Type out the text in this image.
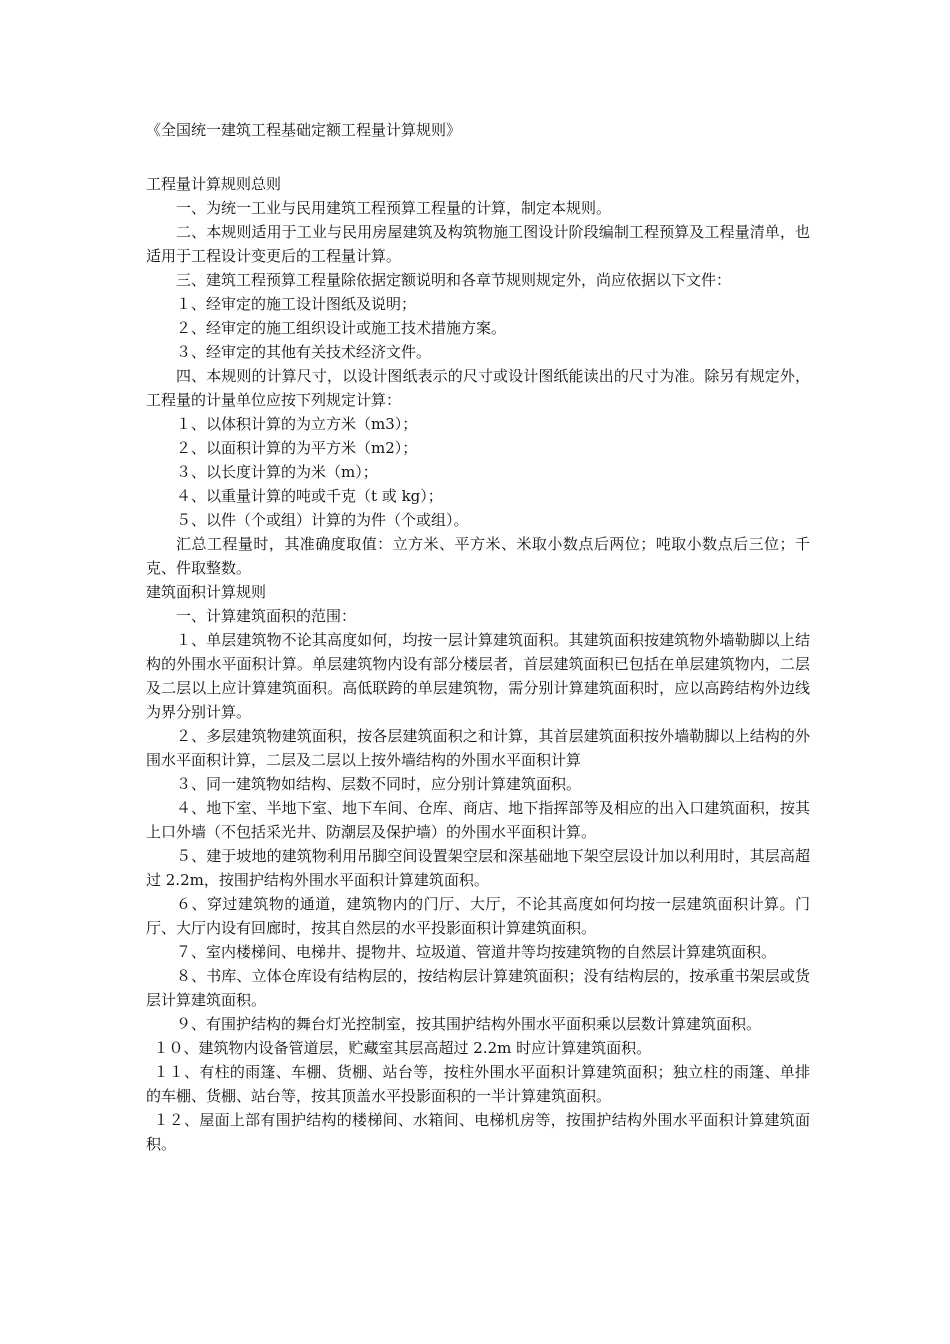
《全国统一建筑工程基础定额工程量计算规则》
工程量计算规则总则

一、为统一工业与民用建筑工程预算工程量的计算，制定本规则。

二、本规则适用于工业与民用房屋建筑及构筑物施工图设计阶段编制工程预算及工程量清单，也适用于工程设计变更后的工程量计算。

三、建筑工程预算工程量除依据定额说明和各章节规则规定外，尚应依据以下文件：

１、经审定的施工设计图纸及说明；

２、经审定的施工组织设计或施工技术措施方案。

３、经审定的其他有关技术经济文件。

四、本规则的计算尺寸，以设计图纸表示的尺寸或设计图纸能读出的尺寸为准。除另有规定外，工程量的计量单位应按下列规定计算：

１、以体积计算的为立方米（m3）；

２、以面积计算的为平方米（m2）；

３、以长度计算的为米（m）；

４、以重量计算的吨或千克（t 或 kg）；

５、以件（个或组）计算的为件（个或组）。

汇总工程量时，其准确度取值：立方米、平方米、米取小数点后两位；吨取小数点后三位；千克、件取整数。

建筑面积计算规则

一、计算建筑面积的范围：

１、单层建筑物不论其高度如何，均按一层计算建筑面积。其建筑面积按建筑物外墙勒脚以上结构的外围水平面积计算。单层建筑物内设有部分楼层者，首层建筑面积已包括在单层建筑物内，二层及二层以上应计算建筑面积。高低联跨的单层建筑物，需分别计算建筑面积时，应以高跨结构外边线为界分别计算。

２、多层建筑物建筑面积，按各层建筑面积之和计算，其首层建筑面积按外墙勒脚以上结构的外围水平面积计算，二层及二层以上按外墙结构的外围水平面积计算

３、同一建筑物如结构、层数不同时，应分别计算建筑面积。

４、地下室、半地下室、地下车间、仓库、商店、地下指挥部等及相应的出入口建筑面积，按其上口外墙（不包括采光井、防潮层及保护墙）的外围水平面积计算。

５、建于坡地的建筑物利用吊脚空间设置架空层和深基础地下架空层设计加以利用时，其层高超过 2.2m，按围护结构外围水平面积计算建筑面积。

６、穿过建筑物的通道，建筑物内的门厅、大厅，不论其高度如何均按一层建筑面积计算。门厅、大厅内设有回廊时，按其自然层的水平投影面积计算建筑面积。

７、室内楼梯间、电梯井、提物井、垃圾道、管道井等均按建筑物的自然层计算建筑面积。

８、书库、立体仓库设有结构层的，按结构层计算建筑面积；没有结构层的，按承重书架层或货层计算建筑面积。

９、有围护结构的舞台灯光控制室，按其围护结构外围水平面积乘以层数计算建筑面积。

１０、建筑物内设备管道层，贮藏室其层高超过 2.2m 时应计算建筑面积。

１１、有柱的雨篷、车棚、货棚、站台等，按柱外围水平面积计算建筑面积；独立柱的雨篷、单排的车棚、货棚、站台等，按其顶盖水平投影面积的一半计算建筑面积。

１２、屋面上部有围护结构的楼梯间、水箱间、电梯机房等，按围护结构外围水平面积计算建筑面积。
